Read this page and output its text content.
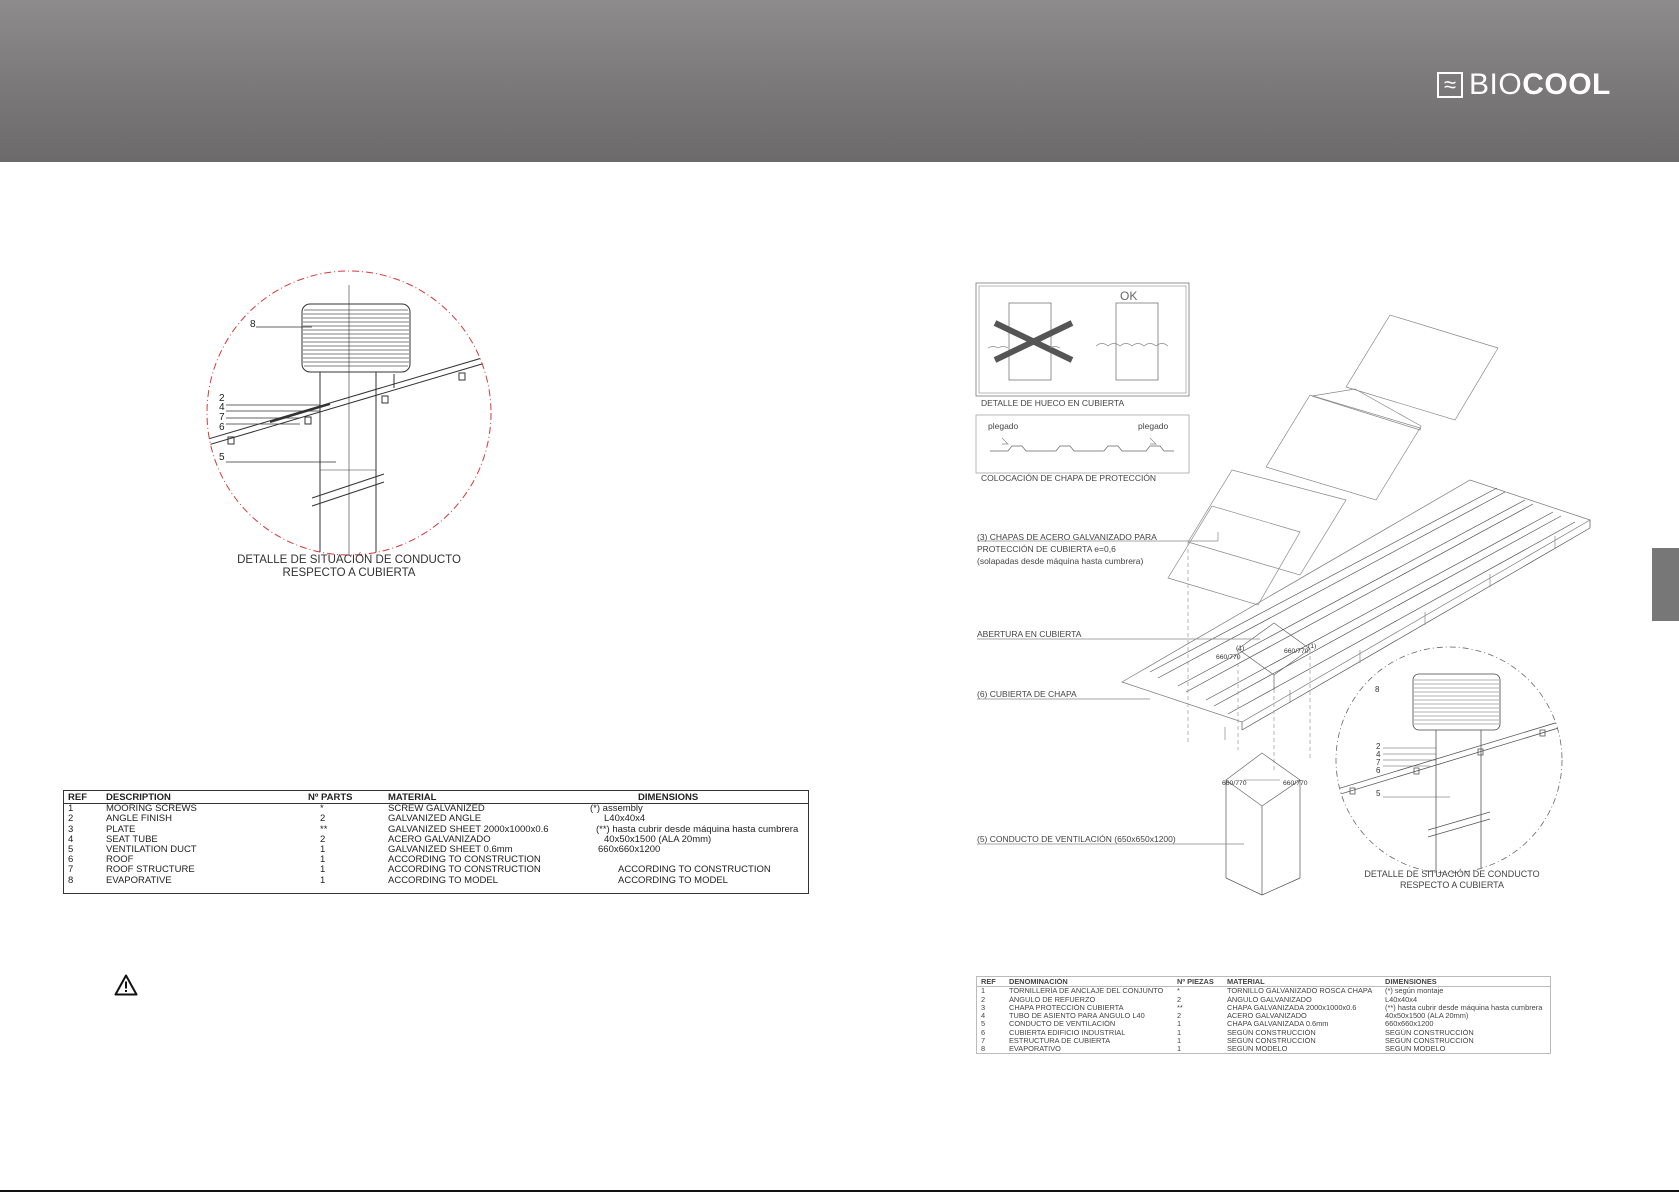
≈ BIOCOOL
8
2
4
7
6
5
DETALLE DE SITUACIÓN DE CONDUCTO
RESPECTO A CUBIERTA
OK
DETALLE DE HUECO EN CUBIERTA
plegado	plegado
COLOCACIÓN DE CHAPA DE PROTECCIÓN
(3) CHAPAS DE ACERO GALVANIZADO PARA
PROTECCIÓN DE CUBIERTA e=0,6
(solapadas desde máquina hasta cumbrera)
ABERTURA EN CUBIERTA
(6) CUBIERTA DE CHAPA
(5) CONDUCTO DE VENTILACIÓN (650x650x1200)
660/770
660/770
660/770	660/770
(1)	(1)
8
2
4
7
6
5
DETALLE DE SITUACIÓN DE CONDUCTO
RESPECTO A CUBIERTA
REF	DESCRIPTION	Nº PARTS	MATERIAL	DIMENSIONS
1	MOORING SCREWS	*	SCREW GALVANIZED	(*) assembly
2	ANGLE FINISH	2	GALVANIZED ANGLE	L40x40x4
3	PLATE	**	GALVANIZED SHEET 2000x1000x0.6	(**) hasta cubrir desde máquina hasta cumbrera
4	SEAT TUBE	2	ACERO GALVANIZADO	40x50x1500 (ALA 20mm)
5	VENTILATION DUCT	1	GALVANIZED SHEET 0.6mm	660x660x1200
6	ROOF	1	ACCORDING TO CONSTRUCTIÓN
7	ROOF STRUCTURE	1	ACCORDING TO CONSTRUCTION	ACCORDING TO CONSTRUCTIÓN
8	EVAPORATIVE	1	ACCORDING TO MODEL	ACCORDING TO MODEL
REF	DENOMINACIÓN	Nº PIEZAS	MATERIAL	DIMENSIONES
1	TORNILLERÍA DE ANCLAJE DEL CONJUNTO	*	TORNILLO GALVANIZADO ROSCA CHAPA	(*) según montaje
2	ÁNGULO DE REFUERZO	2	ÁNGULO GALVANIZADO	L40x40x4
3	CHAPA PROTECCIÓN CUBIERTA	**	CHAPA GALVANIZADA 2000x1000x0.6	(**) hasta cubrir desde máquina hasta cumbrera
4	TUBO DE ASIENTO PARA ÁNGULO L40	2	ACERO GALVANIZADO	40x50x1500 (ALA 20mm)
5	CONDUCTO DE VENTILACIÓN	1	CHAPA GALVANIZADA 0.6mm	660x660x1200
6	CUBIERTA EDIFICIO INDUSTRIAL	1	SEGÚN CONSTRUCCIÓN	SEGÚN CONSTRUCCIÓN
7	ESTRUCTURA DE CUBIERTA	1	SEGÚN CONSTRUCCIÓN	SEGÚN CONSTRUCCIÓN
8	EVAPORATIVO	1	SEGÚN MODELO	SEGÚN MODELO
